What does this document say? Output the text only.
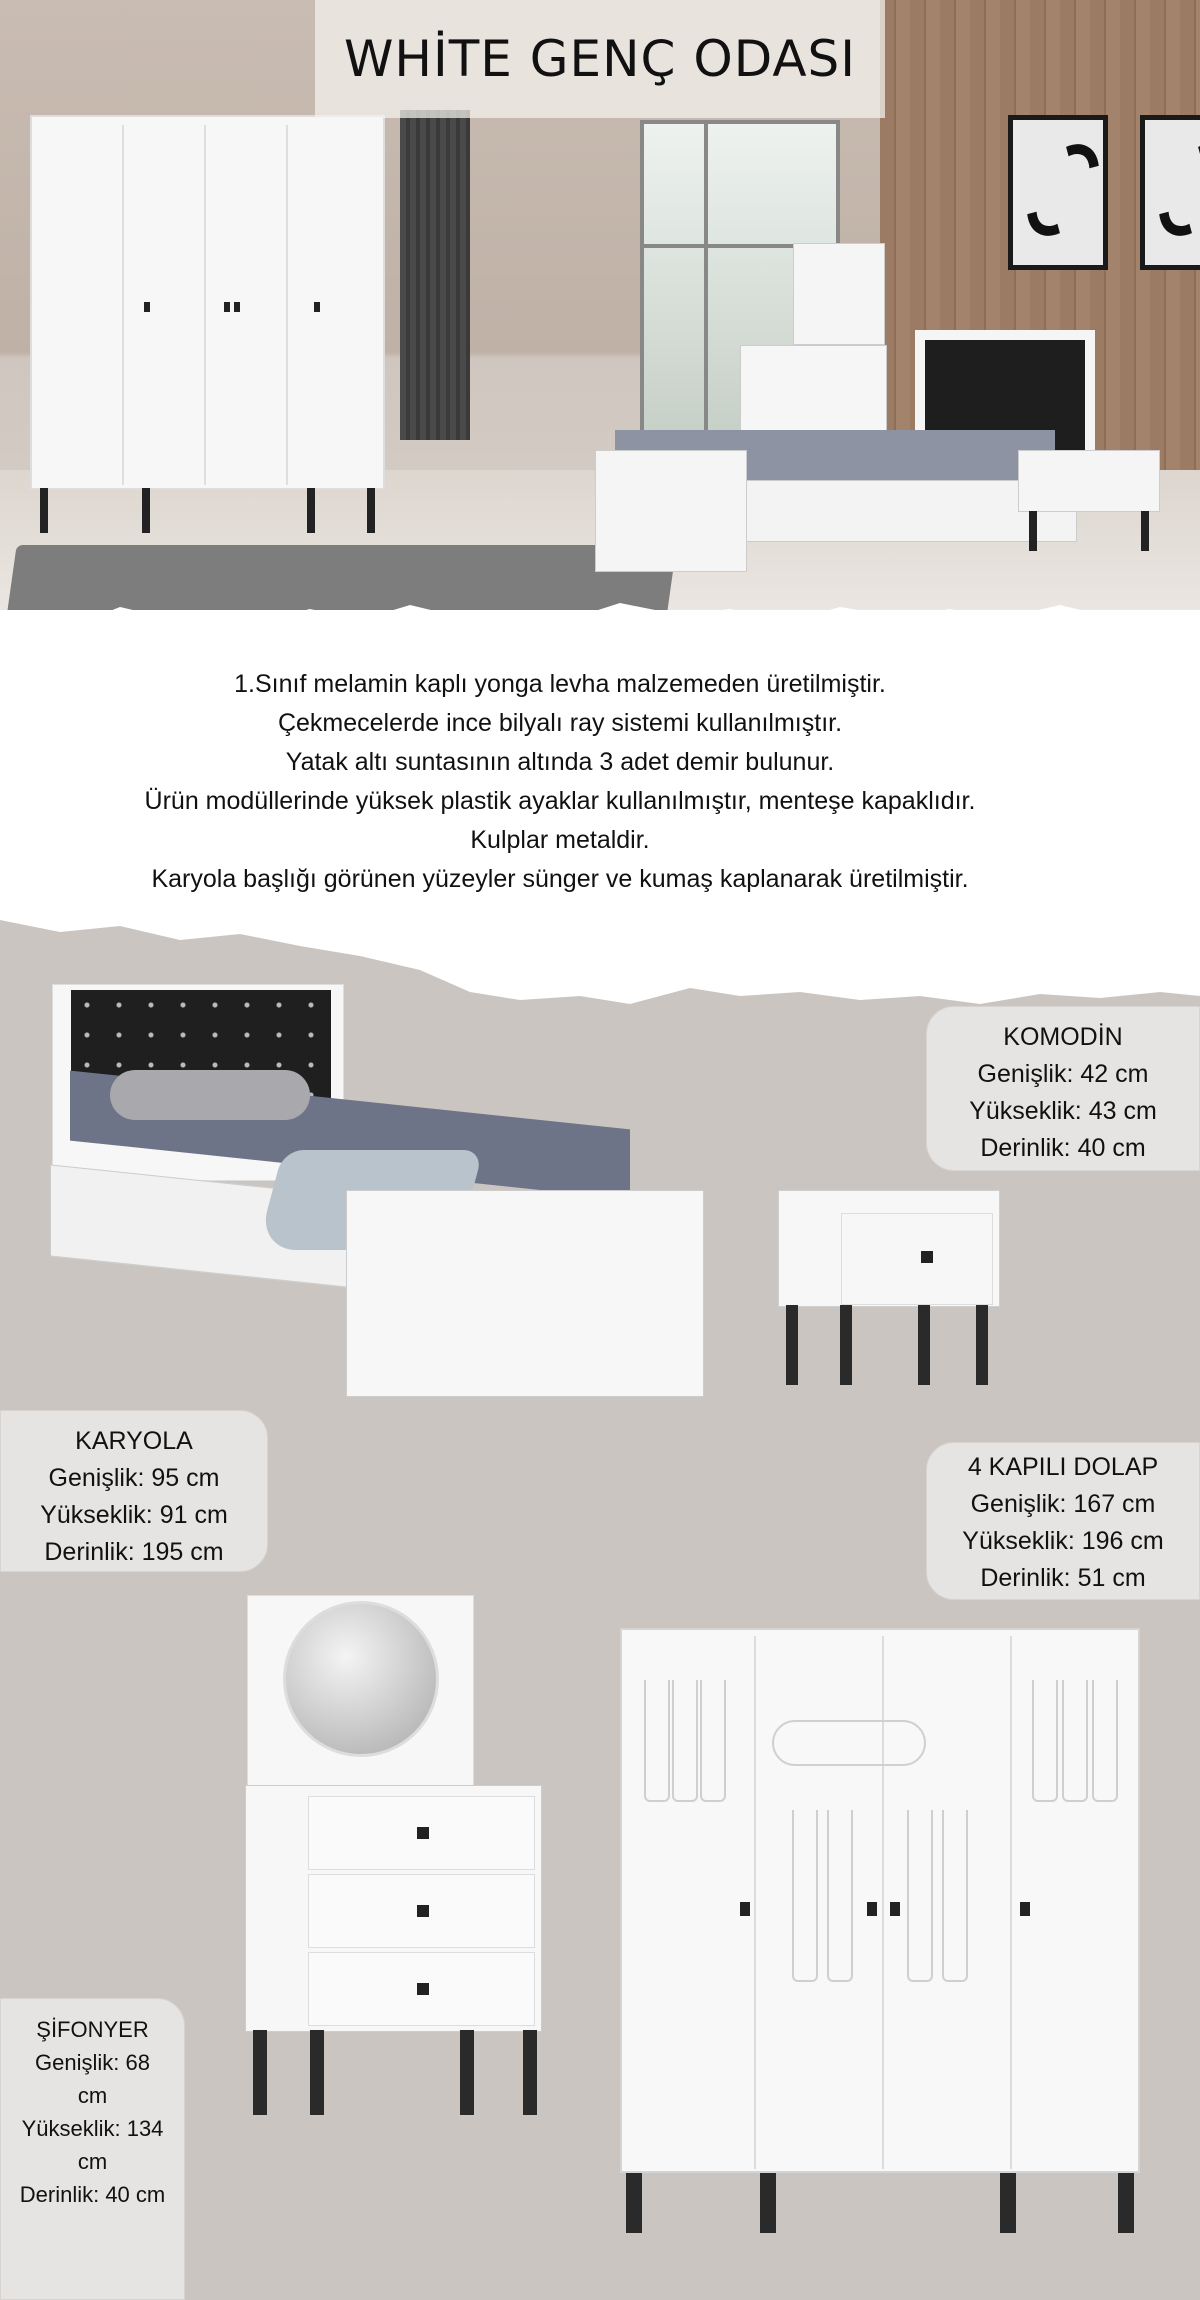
WHİTE GENÇ ODASI
1.Sınıf melamin kaplı yonga levha malzemeden üretilmiştir.
Çekmecelerde ince bilyalı ray sistemi kullanılmıştır.
Yatak altı suntasının altında 3 adet demir bulunur.
Ürün modüllerinde yüksek plastik ayaklar kullanılmıştır, menteşe kapaklıdır.
Kulplar metaldir.
Karyola başlığı görünen yüzeyler sünger ve kumaş kaplanarak üretilmiştir.
KOMODİN
Genişlik: 42 cm
Yükseklik: 43 cm
Derinlik: 40 cm
KARYOLA
Genişlik: 95 cm
Yükseklik: 91 cm
Derinlik: 195 cm
4 KAPILI DOLAP
Genişlik: 167 cm
Yükseklik: 196 cm
Derinlik: 51 cm
ŞİFONYER
Genişlik: 68 cm
Yükseklik: 134 cm
Derinlik: 40 cm
